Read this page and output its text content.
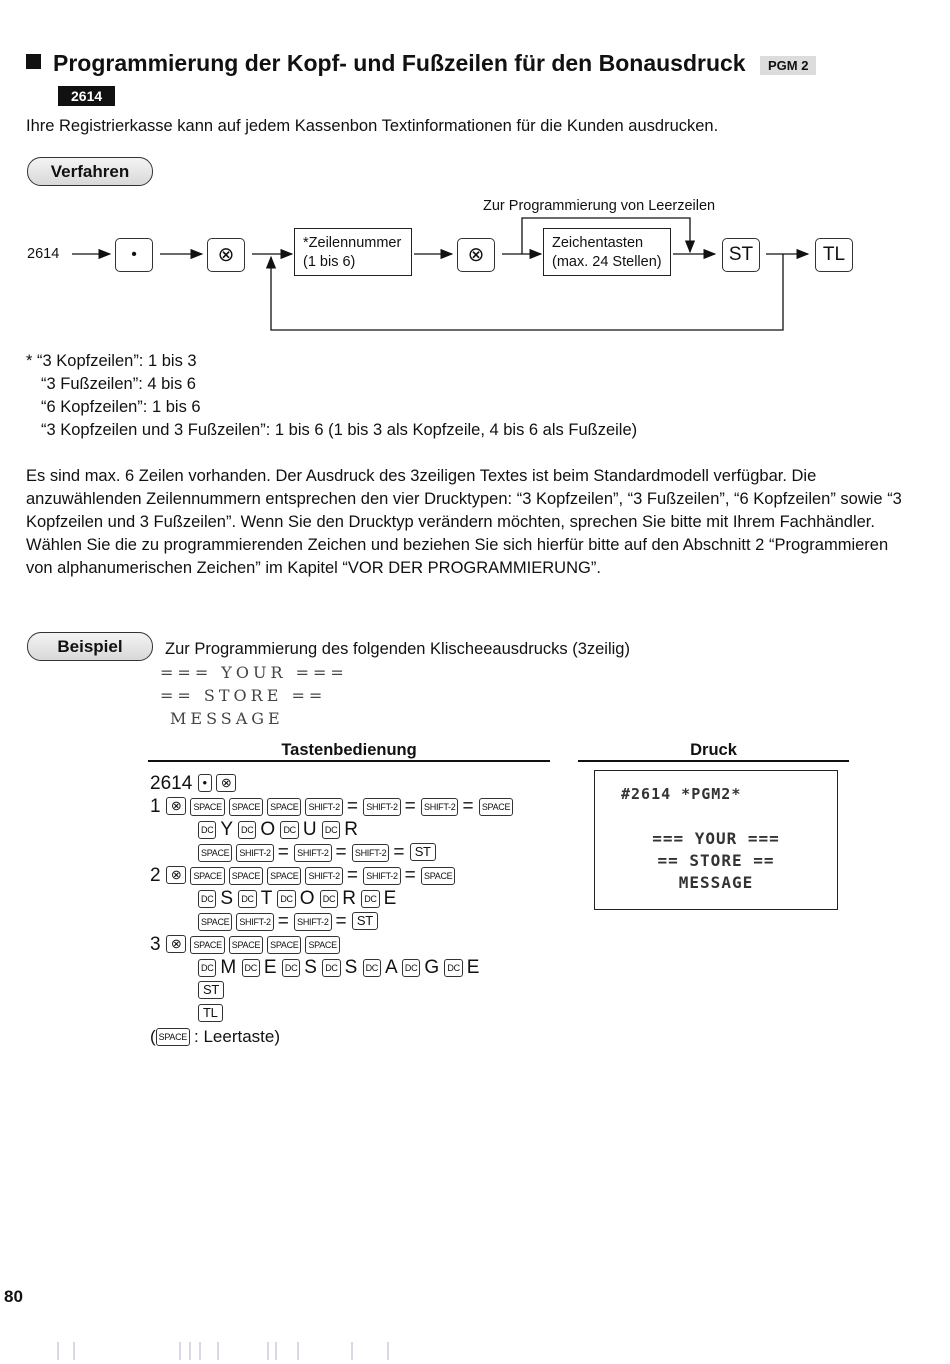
Programmierung der Kopf- und Fußzeilen für den Bonausdruck	PGM 2
2614
Ihre Registrierkasse kann auf jedem Kassenbon Textinformationen für die Kunden ausdrucken.
Verfahren
Zur Programmierung von Leerzeilen
2614	•	⊗
*Zeilennummer
(1 bis 6)	⊗
Zeichentasten
(max. 24 Stellen)	ST	TL
* “3 Kopfzeilen”: 1 bis 3
“3 Fußzeilen”: 4 bis 6
“6 Kopfzeilen”: 1 bis 6
“3 Kopfzeilen und 3 Fußzeilen”: 1 bis 6 (1 bis 3 als Kopfzeile, 4 bis 6 als Fußzeile)

Es sind max. 6 Zeilen vorhanden. Der Ausdruck des 3zeiligen Textes ist beim Standardmodell verfügbar. Die anzuwählenden Zeilennummern entsprechen den vier Drucktypen: “3 Kopfzeilen”, “3 Fußzeilen”, “6 Kopfzeilen” sowie “3 Kopfzeilen und 3 Fußzeilen”. Wenn Sie den Drucktyp verändern möchten, sprechen Sie bitte mit Ihrem Fachhändler.

Wählen Sie die zu programmierenden Zeichen und beziehen Sie sich hierfür bitte auf den Abschnitt 2 “Programmieren von alphanumerischen Zeichen” im Kapitel “VOR DER PROGRAMMIERUNG”.

Beispiel	Zur Programmierung des folgenden Klischeeausdrucks (3zeilig)
=== YOUR ===
== STORE ==
MESSAGE
Tastenbedienung	Druck
2614 • ⊗
1 ⊗ SPACE SPACE SPACE SHIFT-2 = SHIFT-2 = SHIFT-2 = SPACE
DC Y DC O DC U DC R
SPACE SHIFT-2 = SHIFT-2 = SHIFT-2 = ST
2 ⊗ SPACE SPACE SPACE SHIFT-2 = SHIFT-2 = SPACE
DC S DC T DC O DC R DC E
SPACE SHIFT-2 = SHIFT-2 = ST
3 ⊗ SPACE SPACE SPACE SPACE
DC M DC E DC S DC S DC A DC G DC E
ST
TL
( SPACE : Leertaste)
#2614 *PGM2*
=== YOUR ===
== STORE ==
MESSAGE
80
